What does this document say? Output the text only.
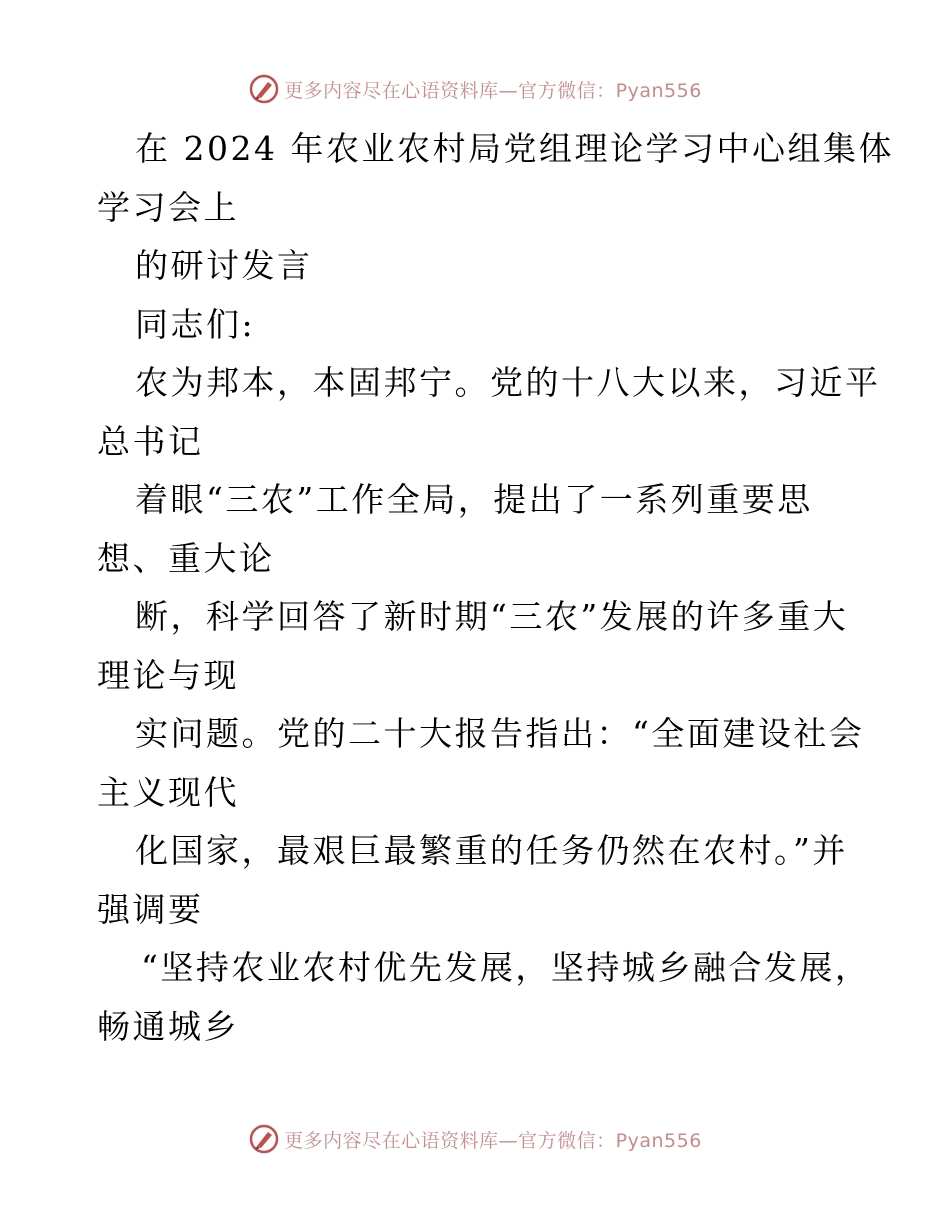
更多内容尽在心语资料库—官方微信：Pyan556
在 2024 年农业农村局党组理论学习中心组集体
学习会上
的研讨发言
同志们:
农为邦本，本固邦宁。党的十八大以来，习近平
总书记
着眼“三农”工作全局，提出了一系列重要思
想、重大论
断，科学回答了新时期“三农”发展的许多重大
理论与现
实问题。党的二十大报告指出：“全面建设社会
主义现代
化国家，最艰巨最繁重的任务仍然在农村。”并
强调要
“坚持农业农村优先发展，坚持城乡融合发展，
畅通城乡
更多内容尽在心语资料库—官方微信：Pyan556
